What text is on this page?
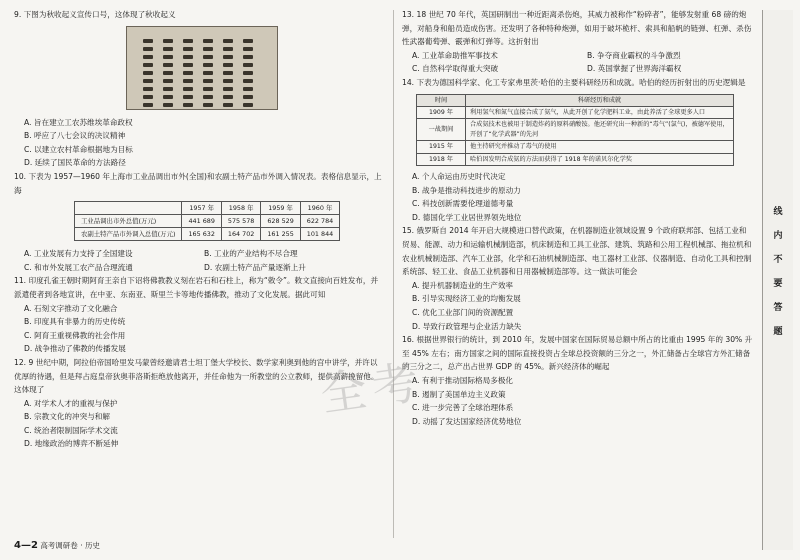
9. 下图为秋收起义宣传口号，这体现了秋收起义

A. 旨在建立工农苏维埃革命政权

B. 呼应了八七会议的决议精神

C. 以建立农村革命根据地为目标

D. 延续了国民革命的方法路径

10. 下表为 1957—1960 年上海市工业品调出市外(全国)和农副土特产品市外调入情况表。表格信息显示，上海

	1957 年	1958 年	1959 年	1960 年
工业品调出市外总值(万元)	441 689	575 578	628 529	622 784
农副土特产品市外调入总值(万元)	165 632	164 702	161 255	101 844

A. 工业发展有力支持了全国建设	B. 工业的产业结构不尽合理

C. 和市外发展工农产品合理流通	D. 农副土特产品产量逐渐上升

11. 印度孔雀王朝时期阿育王亲自下诏将佛教教义刻在岩石和石柱上，称为“敕令”。敕文直接向百姓发布，并派遣使者到各地宣讲，在中亚、东南亚、斯里兰卡等地传播佛教，推动了文化发展。据此可知

A. 石刻文字推动了文化融合

B. 印度具有非暴力的历史传统

C. 阿育王重视佛教的社会作用

D. 战争推动了佛教的传播发展

12. 9 世纪中期，阿拉伯帝国哈里发马蒙曾经邀请君士坦丁堡大学校长、数学家利奥到他的宫中讲学，并许以优厚的待遇，但是拜占庭皇帝狄奥菲洛斯拒绝放他离开，并任命他为一所教堂的公立教师，提供高薪挽留他。这体现了

A. 对学术人才的重视与保护

B. 宗教文化的冲突与和解

C. 统治者限制国际学术交流

D. 地缘政治的博弈不断延伸

13. 18 世纪 70 年代，英国研制出一种近距离杀伤炮，其威力被称作“粉碎者”，能够发射重 68 磅的炮弹，对船身和船员造成伤害。还发明了各种特种炮弹，如用于破坏桅杆、索具和船帆的链弹、杠弹、杀伤性武器葡萄弹、霰弹和灯弹等。这折射出

A. 工业革命助推军事技术	B. 争夺商业霸权的斗争激烈

C. 自然科学取得重大突破	D. 英国掌握了世界海洋霸权

14. 下表为德国科学家、化工专家弗里茨·哈伯的主要科研经历和成就。哈伯的经历折射出的历史逻辑是

时间	科研经历和成就
1909 年	利用氢气和氮气直接合成了氨气，从此开创了化学肥料工业，由此养活了全球更多人口
一战期间	合成氨技术也被用于制造炸药的原料硝酸铵。他还研究出一种新的“毒气”(氯气)，被德军使用，开创了“化学武器”的先河
1915 年	他主持研究并推动了毒气的使用
1918 年	哈伯因发明合成氨的方法而获得了 1918 年的诺贝尔化学奖

A. 个人命运由历史时代决定

B. 战争是推动科技进步的原动力

C. 科技创新需要伦理道德考量

D. 德国化学工业居世界领先地位

15. 俄罗斯自 2014 年开启大规模进口替代政策，在机器制造业领域设置 9 个政府联邦部、包括工业和贸易、能源、动力和运输机械制造部，机床制造和工具工业部、建筑、筑路和公用工程机械部、拖拉机和农业机械制造部、汽车工业部，化学和石油机械制造部、电工器材工业部、仪器制造、自动化工具和控制系统部、轻工业、食品工业机器和日用器械制造部等。这一做法可能会

A. 提升机器制造业的生产效率

B. 引导实现经济工业的均衡发展

C. 优化工业部门间的资源配置

D. 导致行政管理与企业活力缺失

16. 根据世界银行的统计，到 2010 年，发展中国家在国际贸易总额中所占的比重由 1995 年的 30% 升至 45% 左右；南方国家之间的国际直接投资占全球总投资额的三分之一，外汇储备占全球官方外汇储备的三分之二，总产出占世界 GDP 的 45%。新兴经济体的崛起

A. 有利于推动国际格局多极化

B. 遏制了美国单边主义政策

C. 进一步完善了全球治理体系

D. 动摇了发达国家经济优势地位

全考
线内不要答题
4—2 高考调研卷 · 历史
